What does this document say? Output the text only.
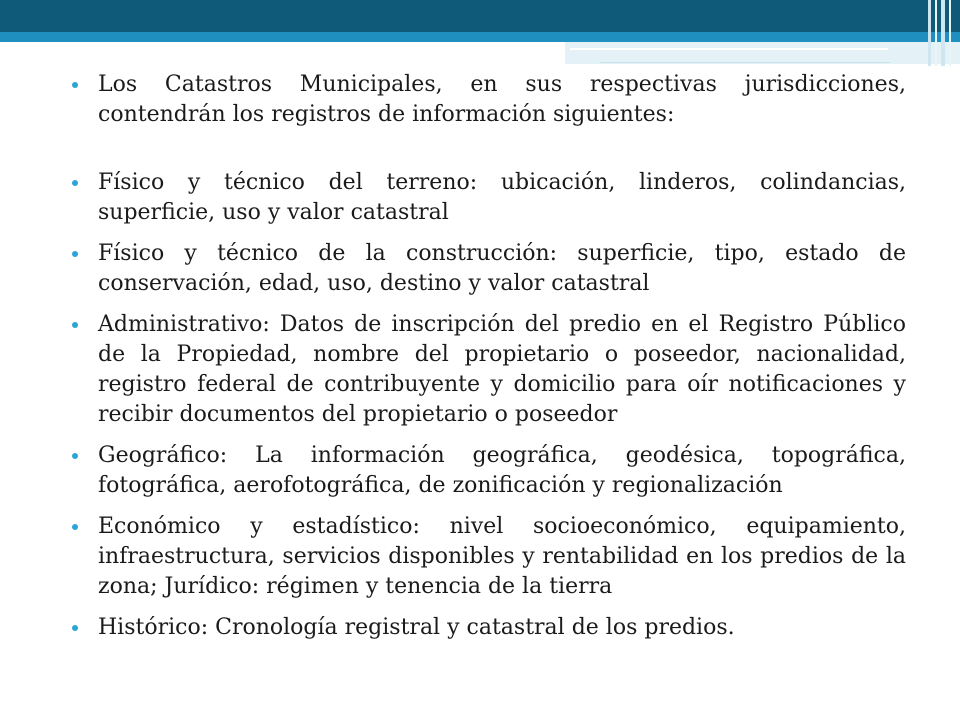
Los Catastros Municipales, en sus respectivas jurisdicciones, contendrán los registros de información siguientes:
Físico y técnico del terreno: ubicación, linderos, colindancias, superficie, uso y valor catastral
Físico y técnico de la construcción: superficie, tipo, estado de conservación, edad, uso, destino y valor catastral
Administrativo: Datos de inscripción del predio en el Registro Público de la Propiedad, nombre del propietario o poseedor, nacionalidad, registro federal de contribuyente y domicilio para oír notificaciones y recibir documentos del propietario o poseedor
Geográfico: La información geográfica, geodésica, topográfica, fotográfica, aerofotográfica, de zonificación y regionalización
Económico y estadístico: nivel socioeconómico, equipamiento, infraestructura, servicios disponibles y rentabilidad en los predios de la zona; Jurídico: régimen y tenencia de la tierra
Histórico: Cronología registral y catastral de los predios.
